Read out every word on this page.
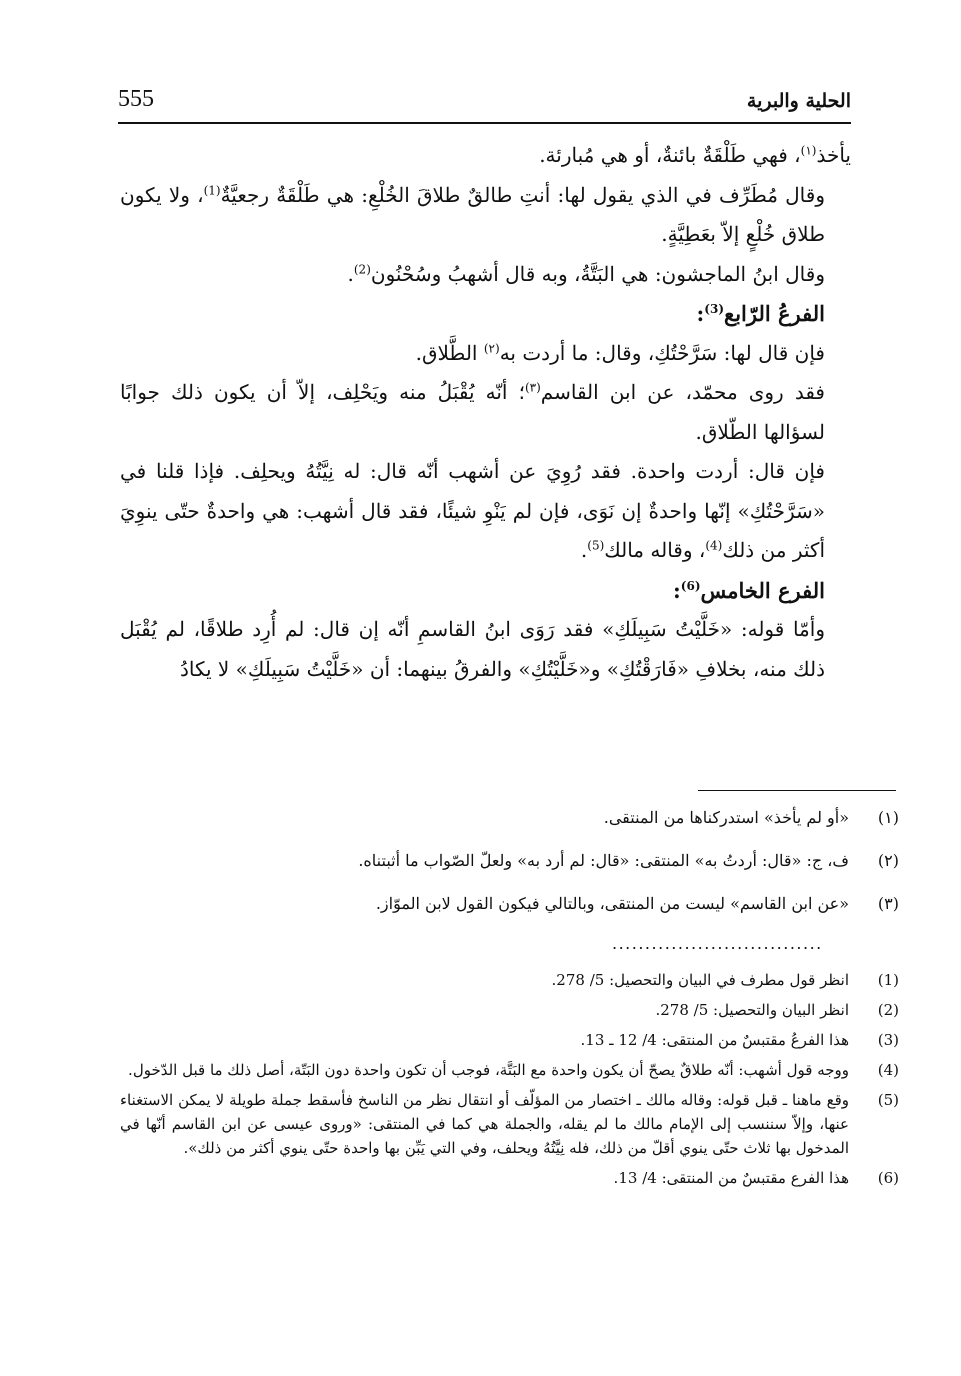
555	الحلية والبرية

يأخذ$^{(١)}$، فهي طَلْقَةٌ بائنةٌ، أو هي مُبارئة.

وقال مُطَرِّف في الذي يقول لها: أنتِ طالقٌ طلاقَ الخُلْعِ: هي طَلْقَةٌ رجعيَّةٌ$^{(1)}$، ولا يكون طلاق خُلْعٍ إلاّ بعَطِيَّةٍ.

وقال ابنُ الماجشون: هي البَتَّةُ، وبه قال أشهبُ وسُحْنُون$^{(2)}$.

الفرعُ الرّابع$^{(3)}$:

فإن قال لها: سَرَّحْتُكِ، وقال: ما أردت به$^{(٢)}$ الطَّلاق.

فقد روى محمّد، عن ابن القاسم$^{(٣)}$؛ أنّه يُقْبَلُ منه ويَحْلِف، إلاّ أن يكون ذلك جوابًا لسؤالها الطّلاق.

فإن قال: أردت واحدة. فقد رُوِيَ عن أشهب أنّه قال: له نِيَّتُهُ ويحلِف. فإذا قلنا في «سَرَّحْتُكِ» إنّها واحدةٌ إن نَوَى، فإن لم يَنْوِ شيئًا، فقد قال أشهب: هي واحدةٌ حتّى ينوِيَ أكثر من ذلك$^{(4)}$، وقاله مالك$^{(5)}$.

الفرع الخامس$^{(6)}$:

وأمّا قوله: «خَلَّيْتُ سَبِيلَكِ» فقد رَوَى ابنُ القاسمِ أنّه إن قال: لم أُرِد طلاقًا، لم يُقْبَل ذلك منه، بخلافِ «فَارَقْتُكِ» و«خَلَّيْتُكِ» والفرقُ بينهما: أن «خَلَّيْتُ سَبِيلَكِ» لا يكادُ

(١)
«أو لم يأخذ» استدركناها من المنتقى.
(٢)
ف، ج: «قال: أردتُ به» المنتقى: «قال: لم أرد به» ولعلّ الصّواب ما أثبتناه.
(٣)
«عن ابن القاسم» ليست من المنتقى، وبالتالي فيكون القول لابن الموّاز.
................................
(1)
انظر قول مطرف في البيان والتحصيل: 5/ 278.
(2)
انظر البيان والتحصيل: 5/ 278.
(3)
هذا الفرعُ مقتبسٌ من المنتقى: 4/ 12 ـ 13.
(4)
ووجه قول أشهب: أنّه طلاقٌ يصحّ أن يكون واحدة مع البَتَّة، فوجب أن تكون واحدة دون البَتّة، أصل ذلك ما قبل الدّخول.
(5)
وقع ماهنا ـ قبل قوله: وقاله مالك ـ اختصار من المؤلّف أو انتقال نظر من الناسخ فأسقط جملة طويلة لا يمكن الاستغناء عنها، وإلاّ سننسب إلى الإمام مالك ما لم يقله، والجملة هي كما في المنتقى: «وروى عيسى عن ابن القاسم أنّها في المدخول بها ثلاث حتّى ينوي أقلّ من ذلك، فله نِيَّتُهُ ويحلف، وفي التي يَبِّن بها واحدة حتّى ينوي أكثر من ذلك».
(6)
هذا الفرع مقتبسٌ من المنتقى: 4/ 13.
